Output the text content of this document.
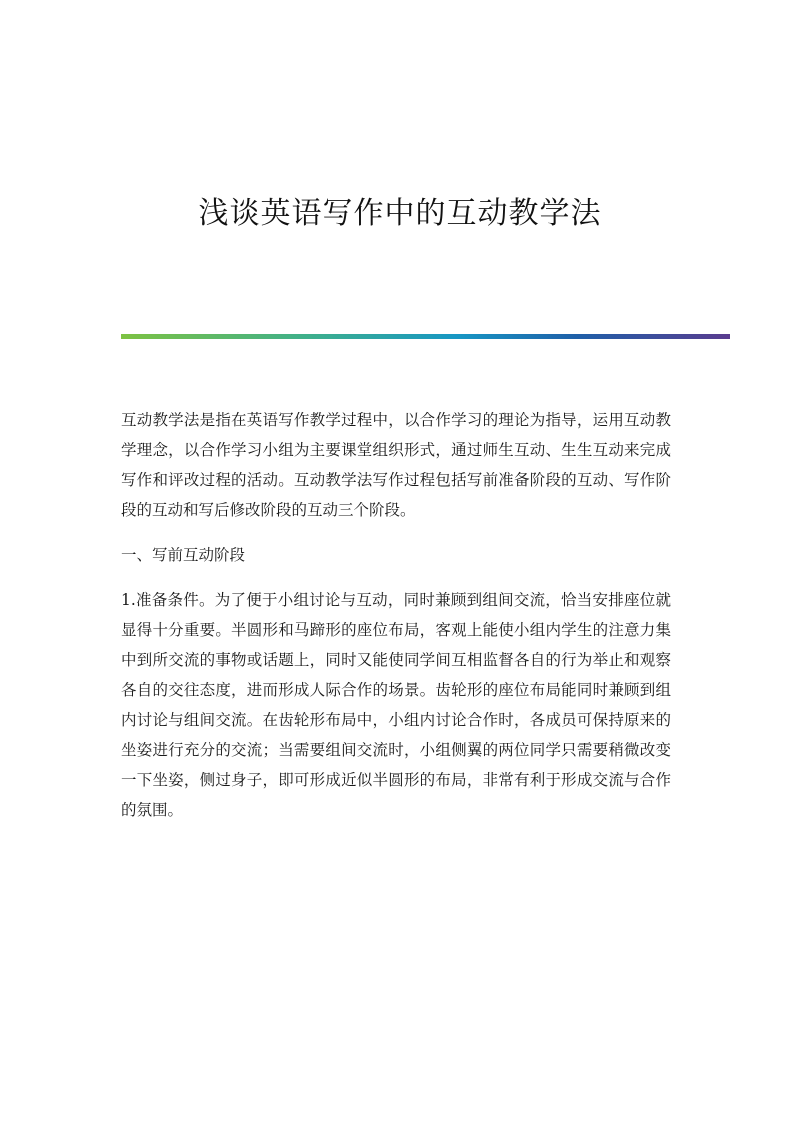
浅谈英语写作中的互动教学法

互动教学法是指在英语写作教学过程中，以合作学习的理论为指导，运用互动教学理念，以合作学习小组为主要课堂组织形式，通过师生互动、生生互动来完成写作和评改过程的活动。互动教学法写作过程包括写前准备阶段的互动、写作阶段的互动和写后修改阶段的互动三个阶段。

一、写前互动阶段

1.准备条件。为了便于小组讨论与互动，同时兼顾到组间交流，恰当安排座位就显得十分重要。半圆形和马蹄形的座位布局，客观上能使小组内学生的注意力集中到所交流的事物或话题上，同时又能使同学间互相监督各自的行为举止和观察各自的交往态度，进而形成人际合作的场景。齿轮形的座位布局能同时兼顾到组内讨论与组间交流。在齿轮形布局中，小组内讨论合作时，各成员可保持原来的坐姿进行充分的交流；当需要组间交流时，小组侧翼的两位同学只需要稍微改变一下坐姿，侧过身子，即可形成近似半圆形的布局，非常有利于形成交流与合作的氛围。
